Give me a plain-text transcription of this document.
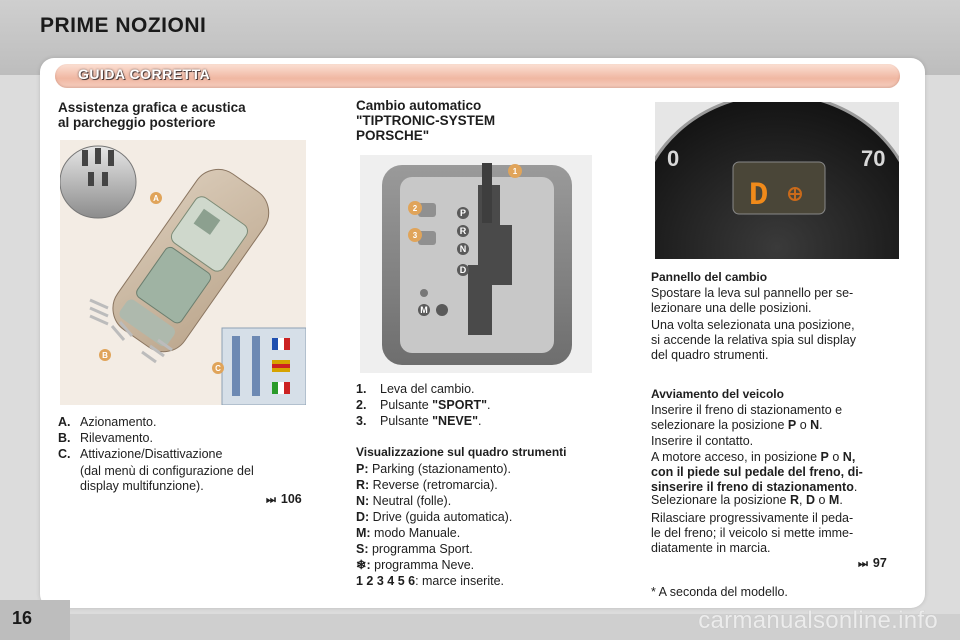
PRIME NOZIONI
GUIDA CORRETTA
Assistenza grafica e acustica
al parcheggio posteriore
A
B
C
A. Azionamento.
B. Rilevamento.
C. Attivazione/Disattivazione
(dal menù di configurazione del
display multifunzione).
⏭ 106
Cambio automatico
"TIPTRONIC-SYSTEM
PORSCHE"
P
R
N
D
M
1
2
3
1. Leva del cambio.
2. Pulsante "SPORT".
3. Pulsante "NEVE".
Visualizzazione sul quadro strumenti
P: Parking (stazionamento).
R: Reverse (retromarcia).
N: Neutral (folle).
D: Drive (guida automatica).
M: modo Manuale.
S: programma Sport.
❄: programma Neve.
1 2 3 4 5 6: marce inserite.
0	70
D
Pannello del cambio
Spostare la leva sul pannello per se-
lezionare una delle posizioni.
Una volta selezionata una posizione,
si accende la relativa spia sul display
del quadro strumenti.
Avviamento del veicolo
Inserire il freno di stazionamento e
selezionare la posizione P o N.
Inserire il contatto.
A motore acceso, in posizione P o N,
con il piede sul pedale del freno, di-
sinserire il freno di stazionamento.
Selezionare la posizione R, D o M.
Rilasciare progressivamente il peda-
le del freno; il veicolo si mette imme-
diatamente in marcia.
⏭ 97
* A seconda del modello.
16	carmanualsonline.info
